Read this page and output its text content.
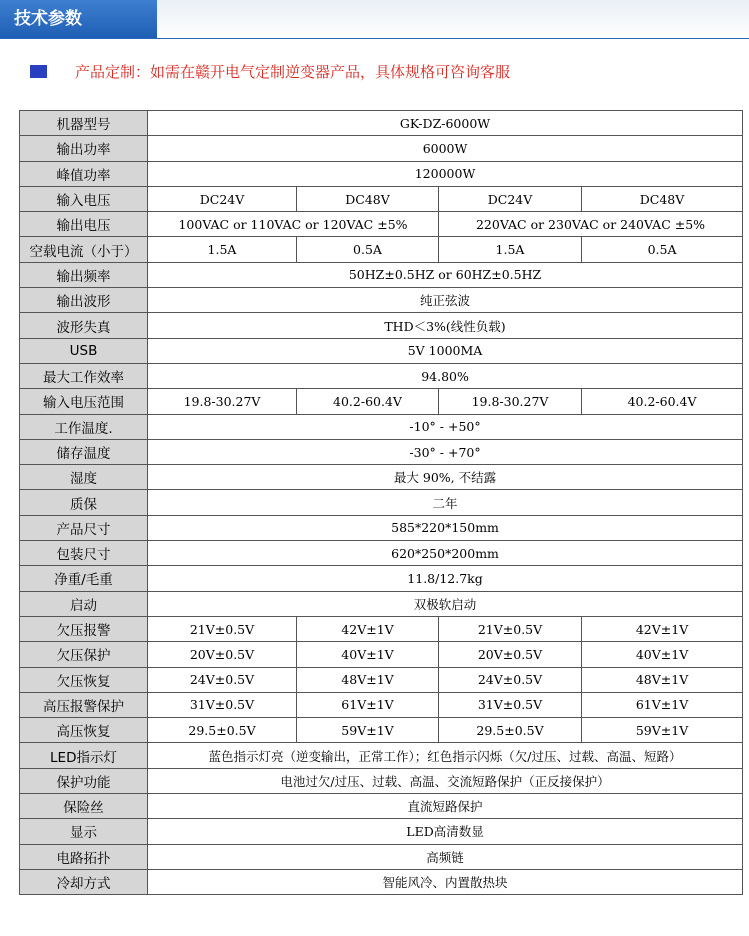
技术参数
产品定制：如需在赣开电气定制逆变器产品，具体规格可咨询客服
机器型号	GK-DZ-6000W			
输出功率	6000W			
峰值功率	120000W			
输入电压	DC24V	DC48V	DC24V	DC48V
输出电压	100VAC or 110VAC or 120VAC ±5%		220VAC or 230VAC or 240VAC ±5%	
空载电流（小于）	1.5A	0.5A	1.5A	0.5A
输出频率	50HZ±0.5HZ or 60HZ±0.5HZ			
输出波形	纯正弦波			
波形失真	THD＜3%(线性负载)			
USB	5V 1000MA			
最大工作效率	94.80%			
输入电压范围	19.8-30.27V	40.2-60.4V	19.8-30.27V	40.2-60.4V
工作温度.	-10° - +50°			
储存温度	-30° - +70°			
湿度	最大 90%, 不结露			
质保	二年			
产品尺寸	585*220*150mm			
包装尺寸	620*250*200mm			
净重/毛重	11.8/12.7kg			
启动	双极软启动			
欠压报警	21V±0.5V	42V±1V	21V±0.5V	42V±1V
欠压保护	20V±0.5V	40V±1V	20V±0.5V	40V±1V
欠压恢复	24V±0.5V	48V±1V	24V±0.5V	48V±1V
高压报警保护	31V±0.5V	61V±1V	31V±0.5V	61V±1V
高压恢复	29.5±0.5V	59V±1V	29.5±0.5V	59V±1V
LED指示灯	蓝色指示灯亮（逆变输出，正常工作）；红色指示闪烁（欠/过压、过载、高温、短路）			
保护功能	电池过欠/过压、过载、高温、交流短路保护（正反接保护）			
保险丝	直流短路保护			
显示	LED高清数显			
电路拓扑	高频链			
冷却方式	智能风冷、内置散热块			
